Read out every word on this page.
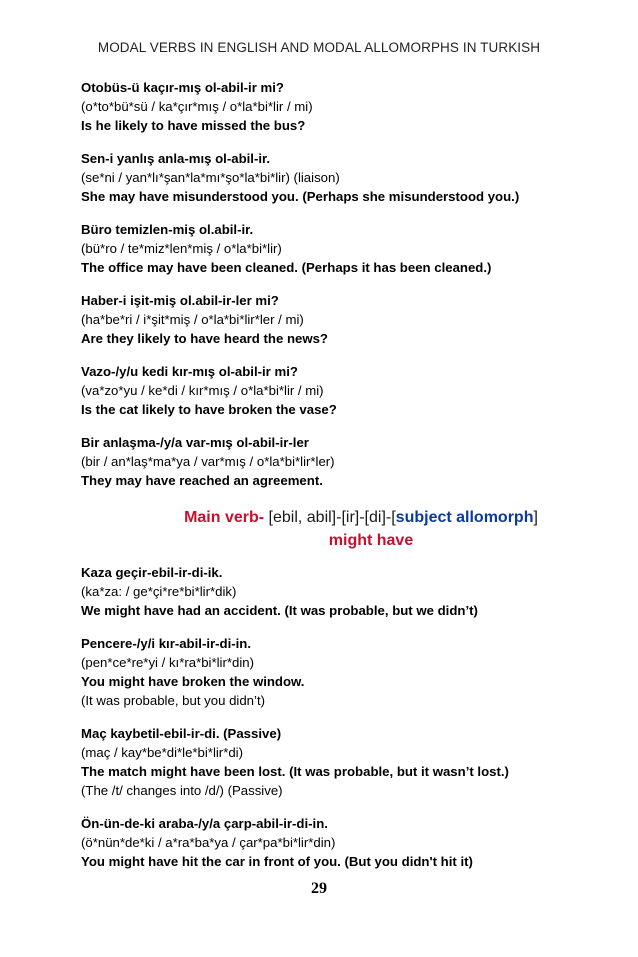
MODAL VERBS IN ENGLISH AND MODAL ALLOMORPHS IN TURKISH
Otobüs-ü kaçır-mış ol-abil-ir mi?
(o*to*bü*sü / ka*çır*mış / o*la*bi*lir / mi)
Is he likely to have missed the bus?
Sen-i yanlış anla-mış ol-abil-ir.
(se*ni / yan*lı*şan*la*mı*şo*la*bi*lir) (liaison)
She may have misunderstood you. (Perhaps she misunderstood you.)
Büro temizlen-miş ol.abil-ir.
(bü*ro / te*miz*len*miş / o*la*bi*lir)
The office may have been cleaned. (Perhaps it has been cleaned.)
Haber-i işit-miş ol.abil-ir-ler mi?
(ha*be*ri / i*şit*miş / o*la*bi*lir*ler / mi)
Are they likely to have heard the news?
Vazo-/y/u kedi kır-mış ol-abil-ir mi?
(va*zo*yu / ke*di / kır*mış / o*la*bi*lir / mi)
Is the cat likely to have broken the vase?
Bir anlaşma-/y/a var-mış ol-abil-ir-ler
(bir / an*laş*ma*ya / var*mış / o*la*bi*lir*ler)
They may have reached an agreement.
Main verb- [ebil, abil]-[ir]-[di]-[subject allomorph]
might have
Kaza geçir-ebil-ir-di-ik.
(ka*za: / ge*çi*re*bi*lir*dik)
We might have had an accident. (It was probable, but we didn’t)
Pencere-/y/i kır-abil-ir-di-in.
(pen*ce*re*yi / kı*ra*bi*lir*din)
You might have broken the window.
(It was probable, but you didn’t)
Maç kaybetil-ebil-ir-di. (Passive)
(maç / kay*be*di*le*bi*lir*di)
The match might have been lost. (It was probable, but it wasn’t lost.)
(The /t/ changes into /d/) (Passive)
Ön-ün-de-ki araba-/y/a çarp-abil-ir-di-in.
(ö*nün*de*ki / a*ra*ba*ya / çar*pa*bi*lir*din)
You might have hit the car in front of you. (But you didn't hit it)
29
